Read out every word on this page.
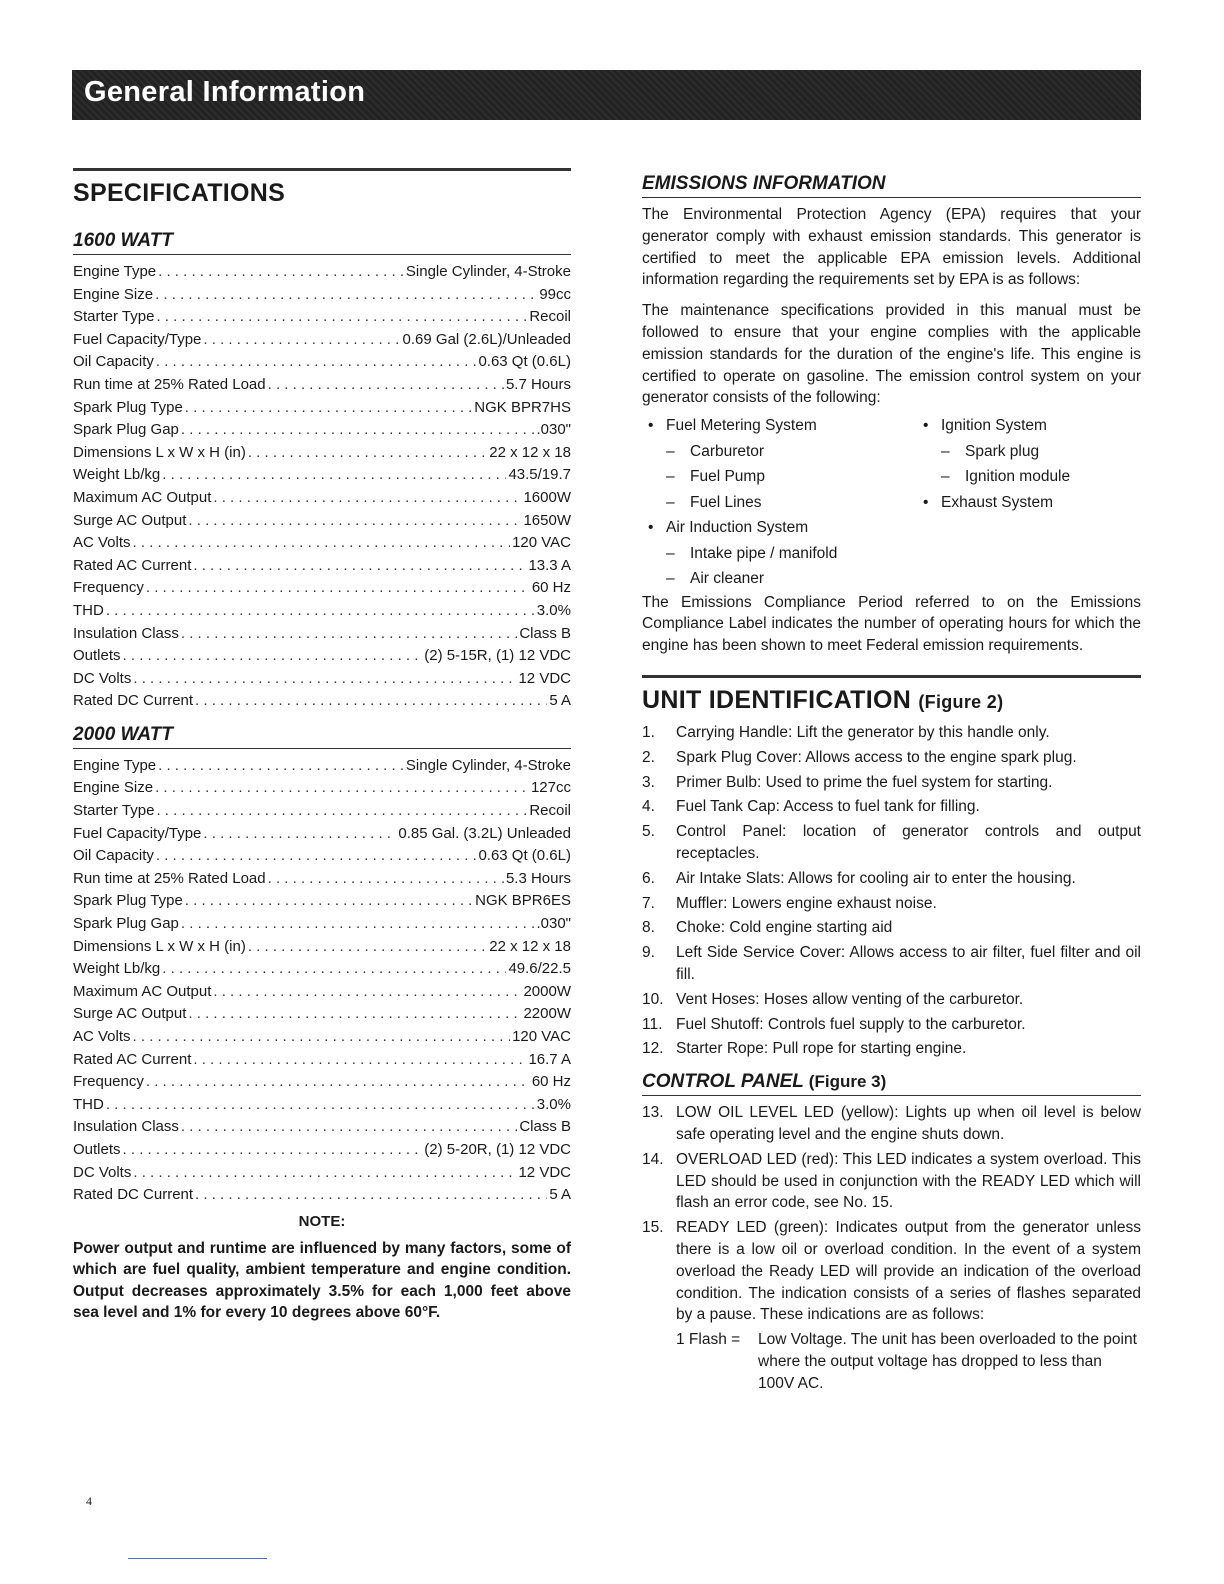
General Information
SPECIFICATIONS
1600 WATT
Engine Type . . .	Single Cylinder, 4-Stroke
Engine Size . . .	99cc
Starter Type . . .	Recoil
Fuel Capacity/Type . . .	0.69 Gal (2.6L)/Unleaded
Oil Capacity . . .	0.63 Qt (0.6L)
Run time at 25% Rated Load . . .	5.7 Hours
Spark Plug Type . . .	NGK BPR7HS
Spark Plug Gap . . .	.030"
Dimensions L x W x H (in) . . .	22 x 12 x 18
Weight Lb/kg . . .	43.5/19.7
Maximum AC Output . . .	1600W
Surge AC Output . . .	1650W
AC Volts . . .	120 VAC
Rated AC Current . . .	13.3 A
Frequency . . .	60 Hz
THD . . .	3.0%
Insulation Class . . .	Class B
Outlets . . .	(2) 5-15R, (1) 12 VDC
DC Volts . . .	12 VDC
Rated DC Current . . .	5 A
2000 WATT
Engine Type . . .	Single Cylinder, 4-Stroke
Engine Size . . .	127cc
Starter Type . . .	Recoil
Fuel Capacity/Type . . .	0.85 Gal. (3.2L) Unleaded
Oil Capacity . . .	0.63 Qt (0.6L)
Run time at 25% Rated Load . . .	5.3 Hours
Spark Plug Type . . .	NGK BPR6ES
Spark Plug Gap . . .	.030"
Dimensions L x W x H (in) . . .	22 x 12 x 18
Weight Lb/kg . . .	49.6/22.5
Maximum AC Output . . .	2000W
Surge AC Output . . .	2200W
AC Volts . . .	120 VAC
Rated AC Current . . .	16.7 A
Frequency . . .	60 Hz
THD . . .	3.0%
Insulation Class . . .	Class B
Outlets . . .	(2) 5-20R, (1) 12 VDC
DC Volts . . .	12 VDC
Rated DC Current . . .	5 A
NOTE:

Power output and runtime are influenced by many factors, some of which are fuel quality, ambient temperature and engine condition. Output decreases approximately 3.5% for each 1,000 feet above sea level and 1% for every 10 degrees above 60°F.

EMISSIONS INFORMATION

The Environmental Protection Agency (EPA) requires that your generator comply with exhaust emission standards. This generator is certified to meet the applicable EPA emission levels. Additional information regarding the requirements set by EPA is as follows:

The maintenance specifications provided in this manual must be followed to ensure that your engine complies with the applicable emission standards for the duration of the engine's life. This engine is certified to operate on gasoline. The emission control system on your generator consists of the following:

• Fuel Metering System
– Carburetor
– Fuel Pump
– Fuel Lines
• Air Induction System
– Intake pipe / manifold
– Air cleaner
• Ignition System
– Spark plug
– Ignition module
• Exhaust System

The Emissions Compliance Period referred to on the Emissions Compliance Label indicates the number of operating hours for which the engine has been shown to meet Federal emission requirements.

UNIT IDENTIFICATION (Figure 2)
1.	Carrying Handle: Lift the generator by this handle only.
2.	Spark Plug Cover: Allows access to the engine spark plug.
3.	Primer Bulb: Used to prime the fuel system for starting.
4.	Fuel Tank Cap: Access to fuel tank for filling.
5.	Control Panel: location of generator controls and output receptacles.
6.	Air Intake Slats: Allows for cooling air to enter the housing.
7.	Muffler: Lowers engine exhaust noise.
8.	Choke: Cold engine starting aid
9.	Left Side Service Cover: Allows access to air filter, fuel filter and oil fill.
10. Vent Hoses: Hoses allow venting of the carburetor.
11. Fuel Shutoff: Controls fuel supply to the carburetor.
12. Starter Rope: Pull rope for starting engine.
CONTROL PANEL (Figure 3)
13. LOW OIL LEVEL LED (yellow): Lights up when oil level is below safe operating level and the engine shuts down.
14. OVERLOAD LED (red): This LED indicates a system overload. This LED should be used in conjunction with the READY LED which will flash an error code, see No. 15.
15. READY LED (green): Indicates output from the generator unless there is a low oil or overload condition. In the event of a system overload the Ready LED will provide an indication of the overload condition. The indication consists of a series of flashes separated by a pause. These indications are as follows:
1 Flash =	Low Voltage. The unit has been overloaded to the point where the output voltage has dropped to less than 100V AC.
4
